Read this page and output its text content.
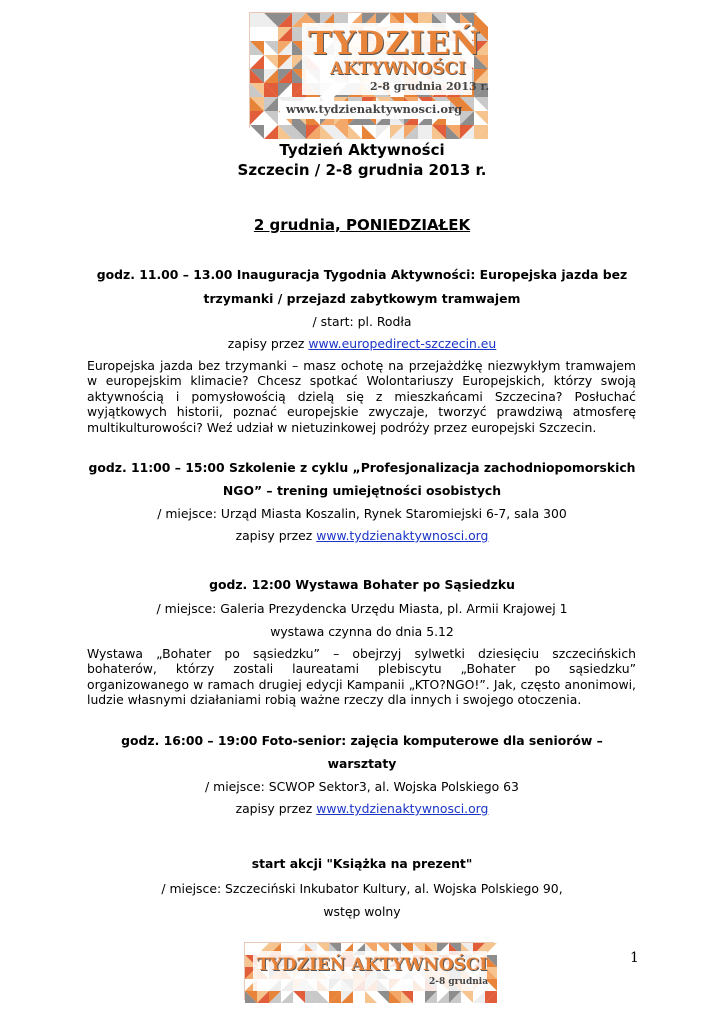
TYDZIEŃ
AKTYWNOŚCI
2-8 grudnia 2013 r.
www.tydzienaktywnosci.org
Tydzień Aktywności
Szczecin / 2-8 grudnia 2013 r.
2 grudnia, PONIEDZIAŁEK
godz. 11.00 – 13.00 Inauguracja Tygodnia Aktywności: Europejska jazda bez
trzymanki / przejazd zabytkowym tramwajem
/ start: pl. Rodła
zapisy przez www.europedirect-szczecin.eu
Europejska jazda bez trzymanki – masz ochotę na przejażdżkę niezwykłym tramwajem w europejskim klimacie? Chcesz spotkać Wolontariuszy Europejskich, którzy swoją aktywnością i pomysłowością dzielą się z mieszkańcami Szczecina? Posłuchać wyjątkowych historii, poznać europejskie zwyczaje, tworzyć prawdziwą atmosferę multikulturowości? Weź udział w nietuzinkowej podróży przez europejski Szczecin.
godz. 11:00 – 15:00 Szkolenie z cyklu „Profesjonalizacja zachodniopomorskich
NGO” – trening umiejętności osobistych
/ miejsce: Urząd Miasta Koszalin, Rynek Staromiejski 6-7, sala 300
zapisy przez www.tydzienaktywnosci.org
godz. 12:00 Wystawa Bohater po Sąsiedzku
/ miejsce: Galeria Prezydencka Urzędu Miasta, pl. Armii Krajowej 1
wystawa czynna do dnia 5.12
Wystawa „Bohater po sąsiedzku” – obejrzyj sylwetki dziesięciu szczecińskich bohaterów, którzy zostali laureatami plebiscytu „Bohater po sąsiedzku” organizowanego w ramach drugiej edycji Kampanii „KTO?NGO!”. Jak, często anonimowi, ludzie własnymi działaniami robią ważne rzeczy dla innych i swojego otoczenia.
godz. 16:00 – 19:00 Foto-senior: zajęcia komputerowe dla seniorów –
warsztaty
/ miejsce: SCWOP Sektor3, al. Wojska Polskiego 63
zapisy przez www.tydzienaktywnosci.org
start akcji "Książka na prezent"
/ miejsce: Szczeciński Inkubator Kultury, al. Wojska Polskiego 90,
wstęp wolny
TYDZIEŃ AKTYWNOŚCI
2-8 grudnia
1
